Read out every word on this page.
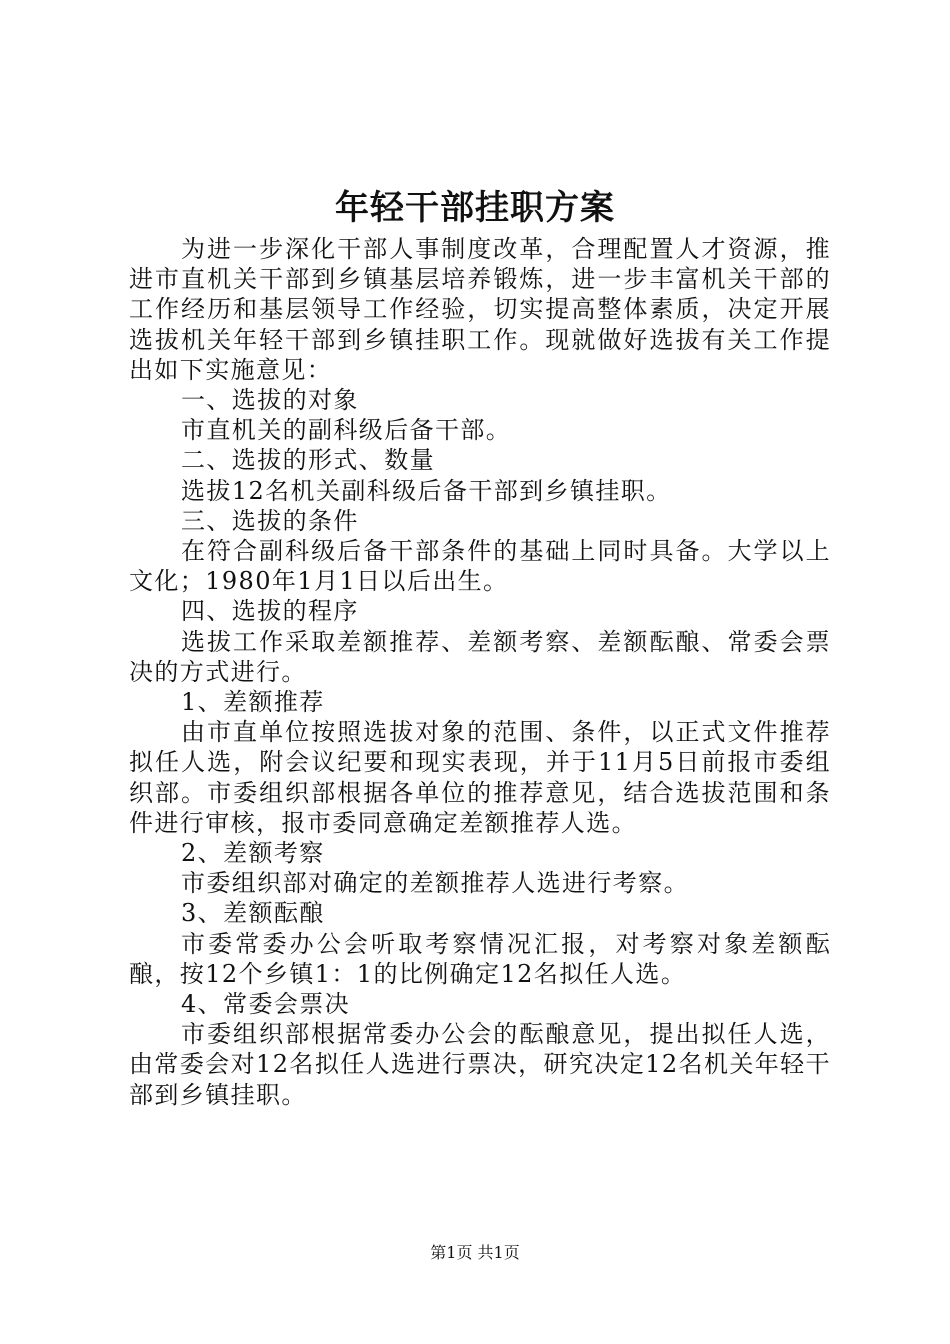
年轻干部挂职方案

为进一步深化干部人事制度改革，合理配置人才资源，推进市直机关干部到乡镇基层培养锻炼，进一步丰富机关干部的工作经历和基层领导工作经验，切实提高整体素质，决定开展选拔机关年轻干部到乡镇挂职工作。现就做好选拔有关工作提出如下实施意见：

一、选拔的对象

市直机关的副科级后备干部。

二、选拔的形式、数量

选拔12名机关副科级后备干部到乡镇挂职。

三、选拔的条件

在符合副科级后备干部条件的基础上同时具备。大学以上文化；1980年1月1日以后出生。

四、选拔的程序

选拔工作采取差额推荐、差额考察、差额酝酿、常委会票决的方式进行。

1、差额推荐

由市直单位按照选拔对象的范围、条件，以正式文件推荐拟任人选，附会议纪要和现实表现，并于11月5日前报市委组织部。市委组织部根据各单位的推荐意见，结合选拔范围和条件进行审核，报市委同意确定差额推荐人选。

2、差额考察

市委组织部对确定的差额推荐人选进行考察。

3、差额酝酿

市委常委办公会听取考察情况汇报，对考察对象差额酝酿，按12个乡镇1：1的比例确定12名拟任人选。

4、常委会票决

市委组织部根据常委办公会的酝酿意见，提出拟任人选，由常委会对12名拟任人选进行票决，研究决定12名机关年轻干部到乡镇挂职。

第1页 共1页
